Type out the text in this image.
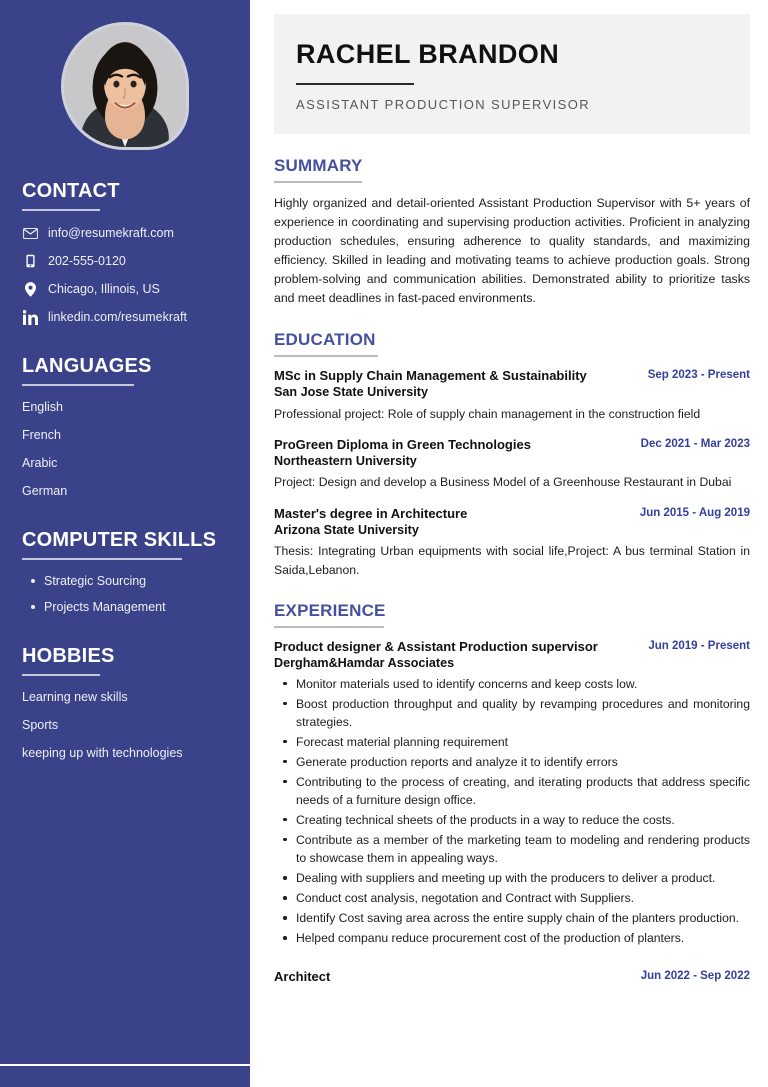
CONTACT
info@resumekraft.com
202-555-0120
Chicago, Illinois, US
linkedin.com/resumekraft
LANGUAGES
English
French
Arabic
German
COMPUTER SKILLS
Strategic Sourcing
Projects Management
HOBBIES
Learning new skills
Sports
keeping up with technologies
RACHEL BRANDON
ASSISTANT PRODUCTION SUPERVISOR
SUMMARY

Highly organized and detail-oriented Assistant Production Supervisor with 5+ years of experience in coordinating and supervising production activities. Proficient in analyzing production schedules, ensuring adherence to quality standards, and maximizing efficiency. Skilled in leading and motivating teams to achieve production goals. Strong problem-solving and communication abilities. Demonstrated ability to prioritize tasks and meet deadlines in fast-paced environments.

EDUCATION
MSc in Supply Chain Management & Sustainability	Sep 2023 - Present
San Jose State University
Professional project: Role of supply chain management in the construction field
ProGreen Diploma in Green Technologies	Dec 2021 - Mar 2023
Northeastern University
Project: Design and develop a Business Model of a Greenhouse Restaurant in Dubai
Master's degree in Architecture	Jun 2015 - Aug 2019
Arizona State University
Thesis: Integrating Urban equipments with social life,Project: A bus terminal Station in Saida,Lebanon.
EXPERIENCE
Product designer & Assistant Production supervisor	Jun 2019 - Present
Dergham&Hamdar Associates
Monitor materials used to identify concerns and keep costs low.
Boost production throughput and quality by revamping procedures and monitoring strategies.
Forecast material planning requirement
Generate production reports and analyze it to identify errors
Contributing to the process of creating, and iterating products that address specific needs of a furniture design office.
Creating technical sheets of the products in a way to reduce the costs.
Contribute as a member of the marketing team to modeling and rendering products to showcase them in appealing ways.
Dealing with suppliers and meeting up with the producers to deliver a product.
Conduct cost analysis, negotation and Contract with Suppliers.
Identify Cost saving area across the entire supply chain of the planters production.
Helped companu reduce procurement cost of the production of planters.
Architect	Jun 2022 - Sep 2022
